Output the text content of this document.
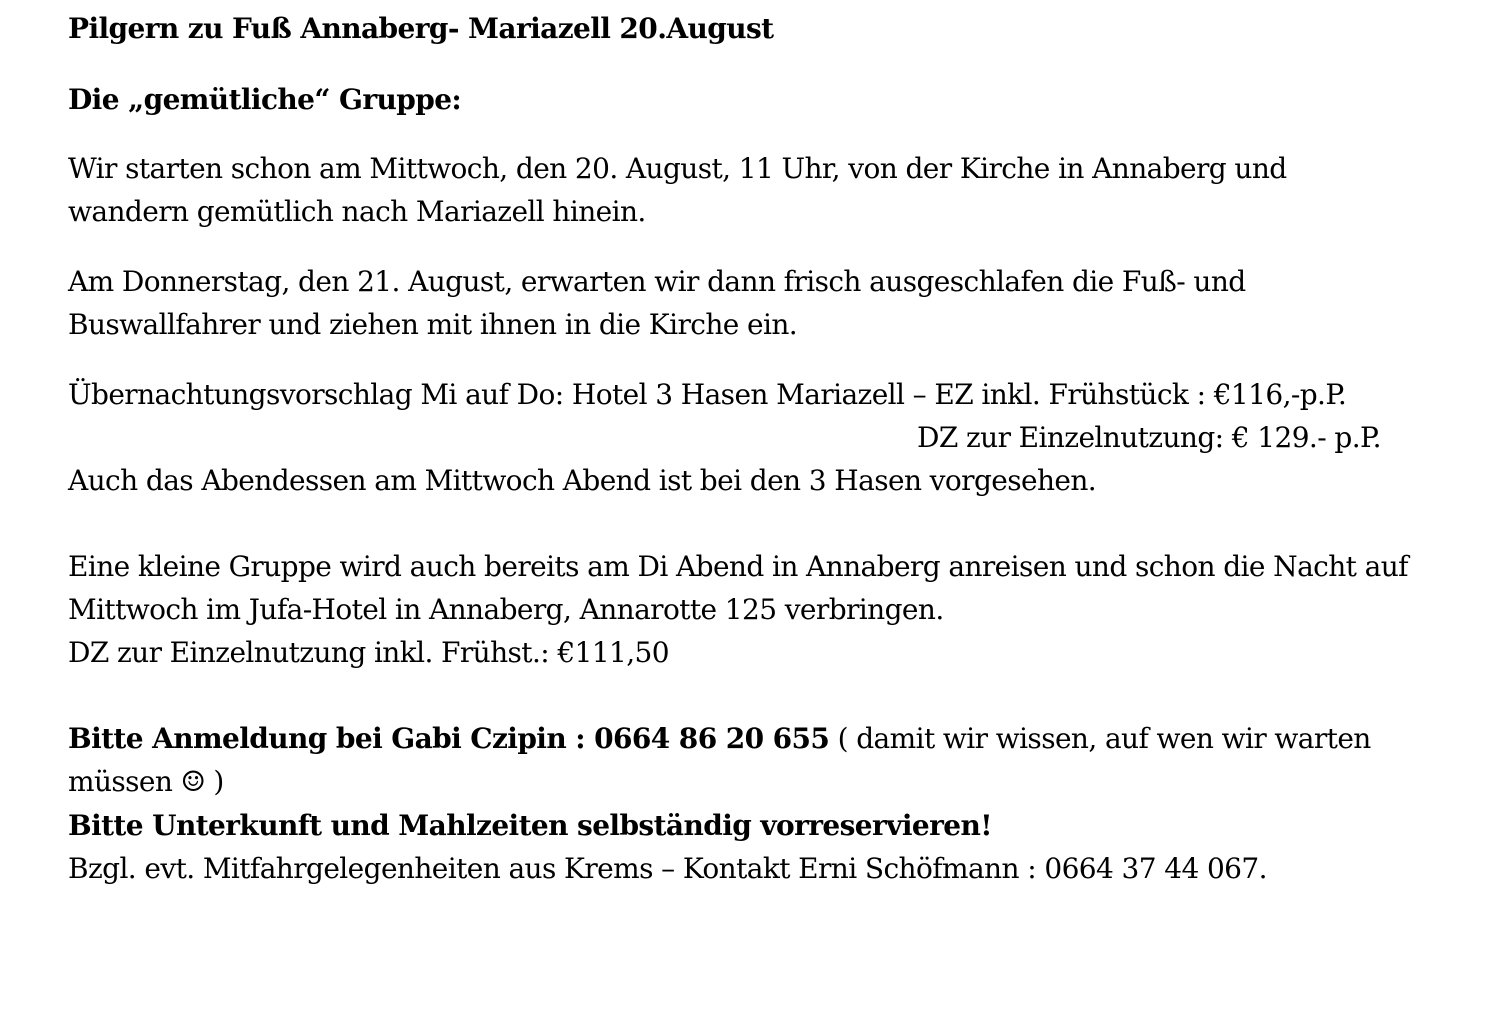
Pilgern zu Fuß Annaberg- Mariazell 20.August
Die „gemütliche“ Gruppe:
Wir starten schon am Mittwoch, den 20. August, 11 Uhr, von der Kirche in Annaberg und
wandern gemütlich nach Mariazell hinein.
Am Donnerstag, den 21. August, erwarten wir dann frisch ausgeschlafen die Fuß- und
Buswallfahrer und ziehen mit ihnen in die Kirche ein.
Übernachtungsvorschlag Mi auf Do: Hotel 3 Hasen Mariazell – EZ inkl. Frühstück : €116,-p.P.
DZ zur Einzelnutzung: € 129.- p.P.
Auch das Abendessen am Mittwoch Abend ist bei den 3 Hasen vorgesehen.
Eine kleine Gruppe wird auch bereits am Di Abend in Annaberg anreisen und schon die Nacht auf
Mittwoch im Jufa-Hotel in Annaberg, Annarotte 125 verbringen.
DZ zur Einzelnutzung inkl. Frühst.: €111,50
Bitte Anmeldung bei Gabi Czipin : 0664 86 20 655 ( damit wir wissen, auf wen wir warten
müssen ☺ )
Bitte Unterkunft und Mahlzeiten selbständig vorreservieren!
Bzgl. evt. Mitfahrgelegenheiten aus Krems – Kontakt Erni Schöfmann : 0664 37 44 067.
